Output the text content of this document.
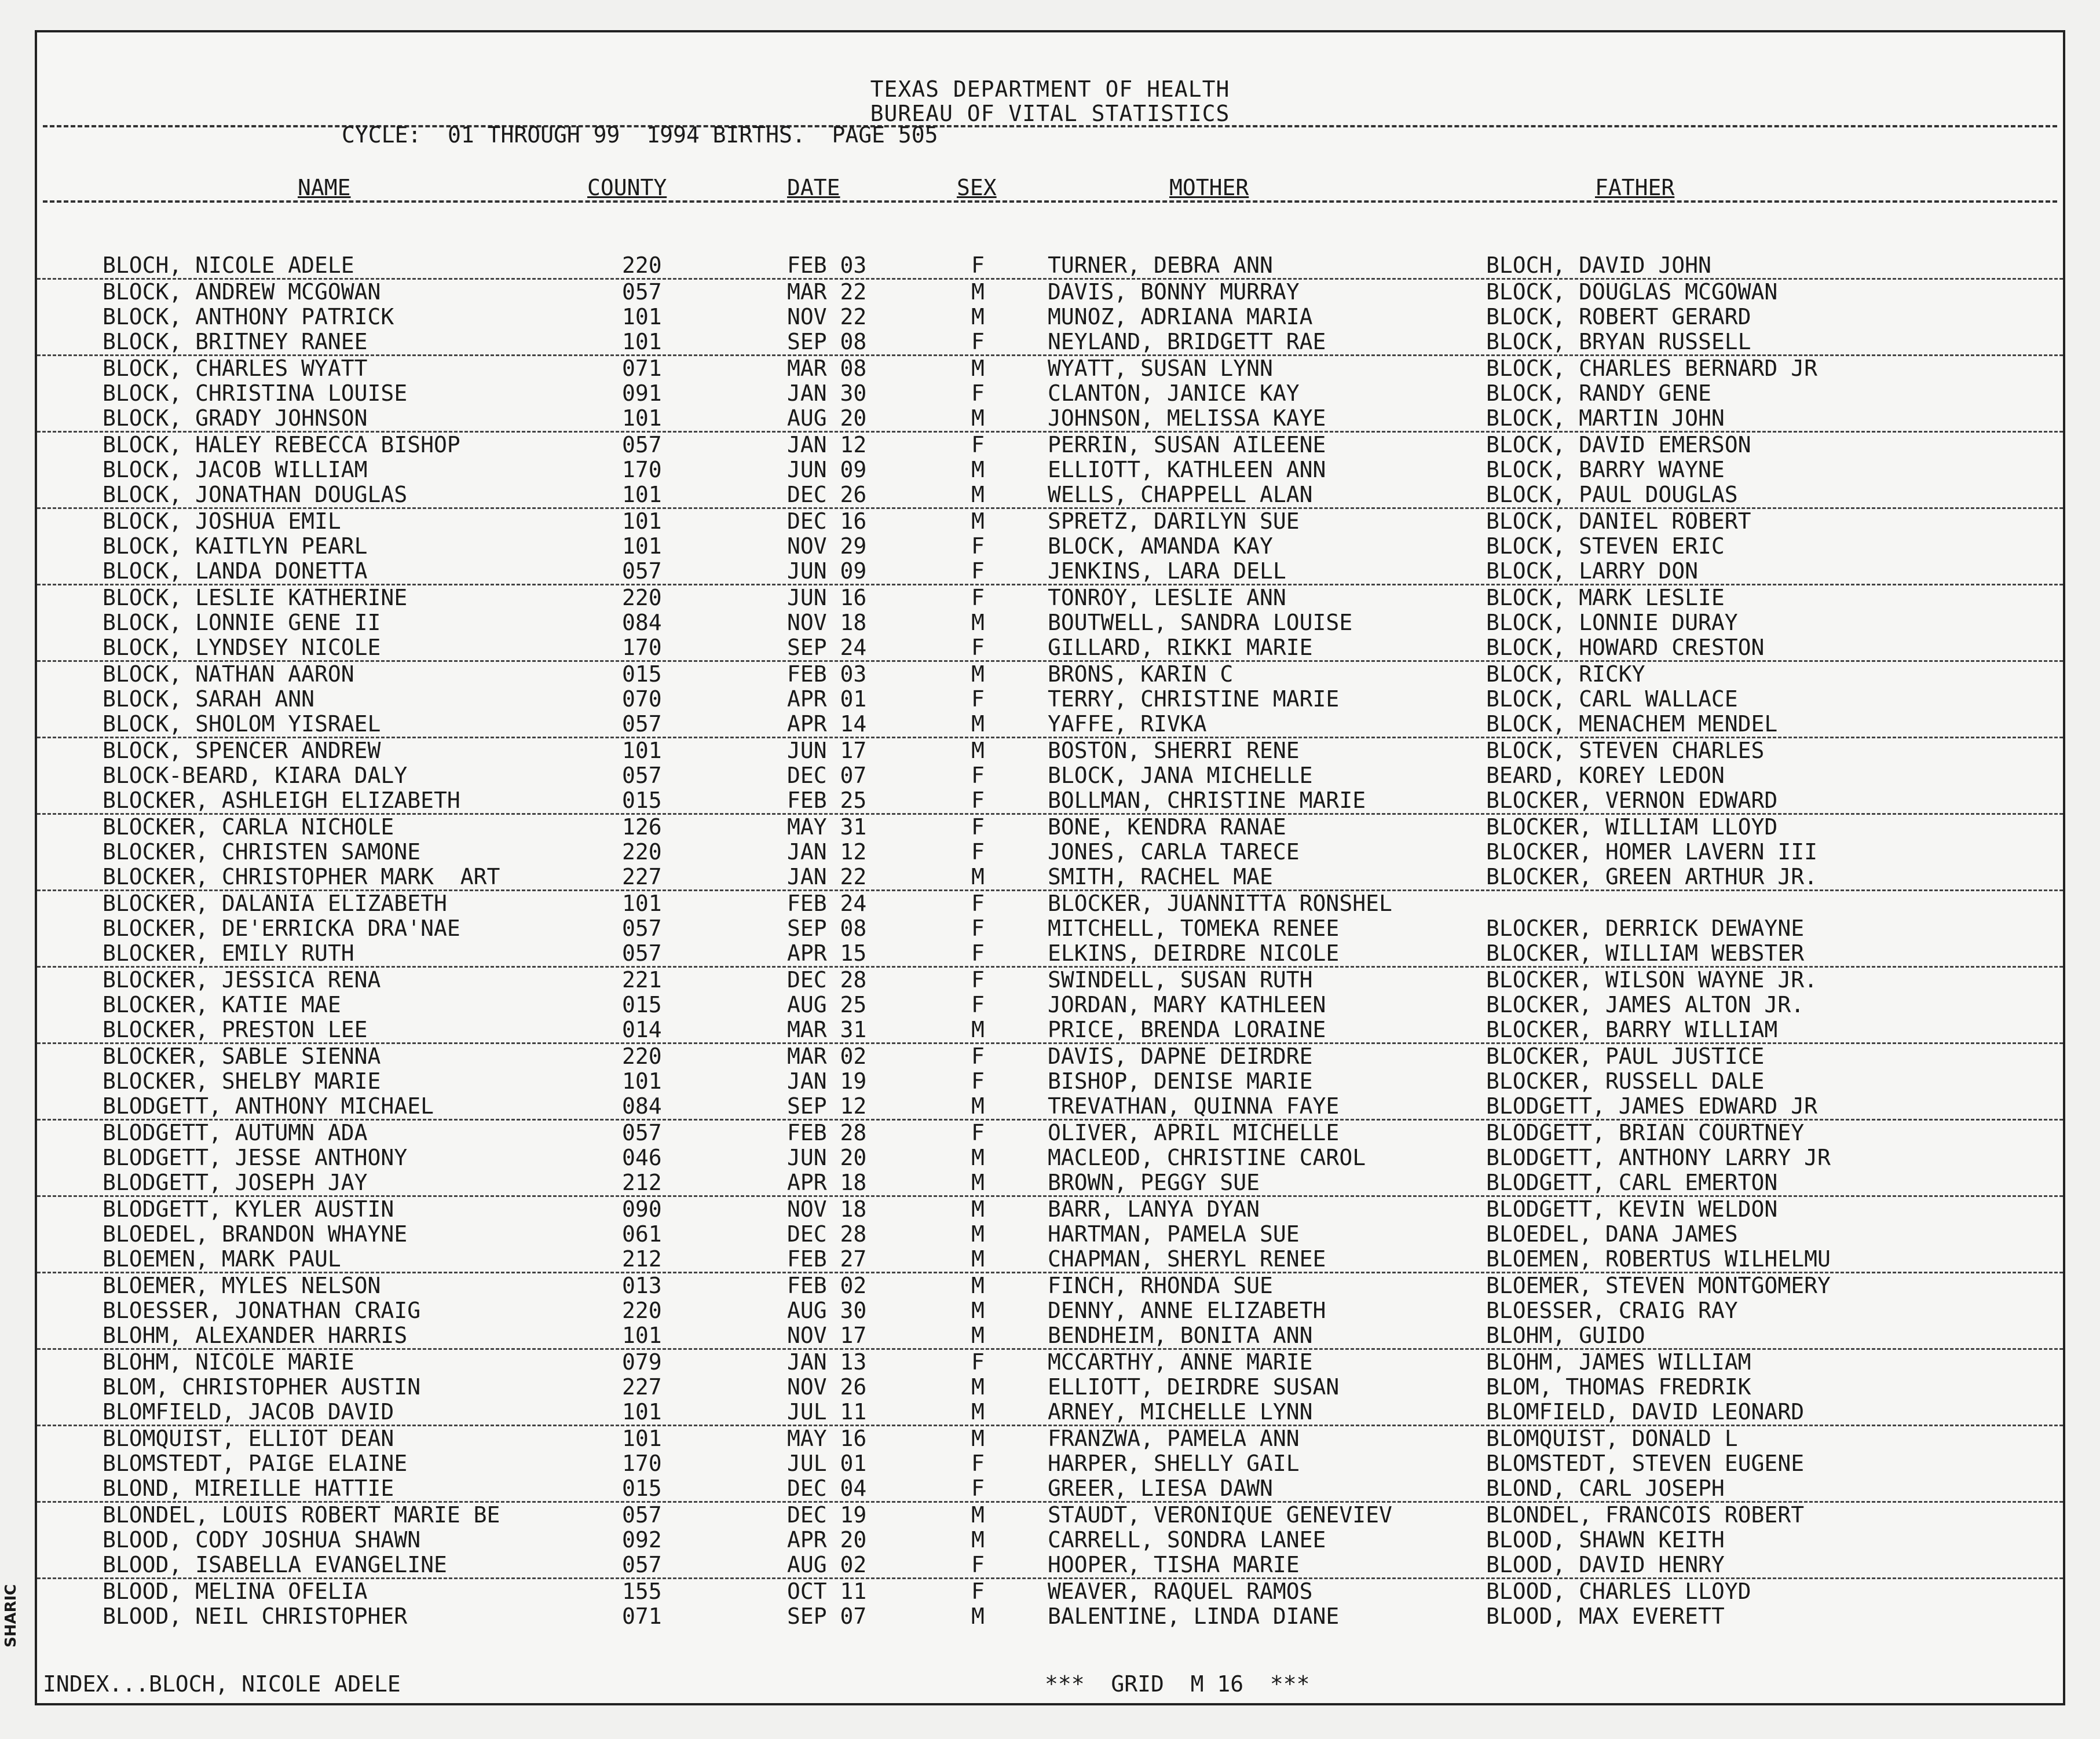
TEXAS DEPARTMENT OF HEALTH
BUREAU OF VITAL STATISTICS
CYCLE:  01 THROUGH 99  1994 BIRTHS.  PAGE 505
NAME	COUNTY	DATE	SEX	MOTHER	FATHER
BLOCH, NICOLE ADELE	220	FEB 03	F	TURNER, DEBRA ANN	BLOCH, DAVID JOHN
BLOCK, ANDREW MCGOWAN	057	MAR 22	M	DAVIS, BONNY MURRAY	BLOCK, DOUGLAS MCGOWAN
BLOCK, ANTHONY PATRICK	101	NOV 22	M	MUNOZ, ADRIANA MARIA	BLOCK, ROBERT GERARD
BLOCK, BRITNEY RANEE	101	SEP 08	F	NEYLAND, BRIDGETT RAE	BLOCK, BRYAN RUSSELL
BLOCK, CHARLES WYATT	071	MAR 08	M	WYATT, SUSAN LYNN	BLOCK, CHARLES BERNARD JR
BLOCK, CHRISTINA LOUISE	091	JAN 30	F	CLANTON, JANICE KAY	BLOCK, RANDY GENE
BLOCK, GRADY JOHNSON	101	AUG 20	M	JOHNSON, MELISSA KAYE	BLOCK, MARTIN JOHN
BLOCK, HALEY REBECCA BISHOP	057	JAN 12	F	PERRIN, SUSAN AILEENE	BLOCK, DAVID EMERSON
BLOCK, JACOB WILLIAM	170	JUN 09	M	ELLIOTT, KATHLEEN ANN	BLOCK, BARRY WAYNE
BLOCK, JONATHAN DOUGLAS	101	DEC 26	M	WELLS, CHAPPELL ALAN	BLOCK, PAUL DOUGLAS
BLOCK, JOSHUA EMIL	101	DEC 16	M	SPRETZ, DARILYN SUE	BLOCK, DANIEL ROBERT
BLOCK, KAITLYN PEARL	101	NOV 29	F	BLOCK, AMANDA KAY	BLOCK, STEVEN ERIC
BLOCK, LANDA DONETTA	057	JUN 09	F	JENKINS, LARA DELL	BLOCK, LARRY DON
BLOCK, LESLIE KATHERINE	220	JUN 16	F	TONROY, LESLIE ANN	BLOCK, MARK LESLIE
BLOCK, LONNIE GENE II	084	NOV 18	M	BOUTWELL, SANDRA LOUISE	BLOCK, LONNIE DURAY
BLOCK, LYNDSEY NICOLE	170	SEP 24	F	GILLARD, RIKKI MARIE	BLOCK, HOWARD CRESTON
BLOCK, NATHAN AARON	015	FEB 03	M	BRONS, KARIN C	BLOCK, RICKY
BLOCK, SARAH ANN	070	APR 01	F	TERRY, CHRISTINE MARIE	BLOCK, CARL WALLACE
BLOCK, SHOLOM YISRAEL	057	APR 14	M	YAFFE, RIVKA	BLOCK, MENACHEM MENDEL
BLOCK, SPENCER ANDREW	101	JUN 17	M	BOSTON, SHERRI RENE	BLOCK, STEVEN CHARLES
BLOCK-BEARD, KIARA DALY	057	DEC 07	F	BLOCK, JANA MICHELLE	BEARD, KOREY LEDON
BLOCKER, ASHLEIGH ELIZABETH	015	FEB 25	F	BOLLMAN, CHRISTINE MARIE	BLOCKER, VERNON EDWARD
BLOCKER, CARLA NICHOLE	126	MAY 31	F	BONE, KENDRA RANAE	BLOCKER, WILLIAM LLOYD
BLOCKER, CHRISTEN SAMONE	220	JAN 12	F	JONES, CARLA TARECE	BLOCKER, HOMER LAVERN III
BLOCKER, CHRISTOPHER MARK  ART	227	JAN 22	M	SMITH, RACHEL MAE	BLOCKER, GREEN ARTHUR JR.
BLOCKER, DALANIA ELIZABETH	101	FEB 24	F	BLOCKER, JUANNITTA RONSHEL
BLOCKER, DE'ERRICKA DRA'NAE	057	SEP 08	F	MITCHELL, TOMEKA RENEE	BLOCKER, DERRICK DEWAYNE
BLOCKER, EMILY RUTH	057	APR 15	F	ELKINS, DEIRDRE NICOLE	BLOCKER, WILLIAM WEBSTER
BLOCKER, JESSICA RENA	221	DEC 28	F	SWINDELL, SUSAN RUTH	BLOCKER, WILSON WAYNE JR.
BLOCKER, KATIE MAE	015	AUG 25	F	JORDAN, MARY KATHLEEN	BLOCKER, JAMES ALTON JR.
BLOCKER, PRESTON LEE	014	MAR 31	M	PRICE, BRENDA LORAINE	BLOCKER, BARRY WILLIAM
BLOCKER, SABLE SIENNA	220	MAR 02	F	DAVIS, DAPNE DEIRDRE	BLOCKER, PAUL JUSTICE
BLOCKER, SHELBY MARIE	101	JAN 19	F	BISHOP, DENISE MARIE	BLOCKER, RUSSELL DALE
BLODGETT, ANTHONY MICHAEL	084	SEP 12	M	TREVATHAN, QUINNA FAYE	BLODGETT, JAMES EDWARD JR
BLODGETT, AUTUMN ADA	057	FEB 28	F	OLIVER, APRIL MICHELLE	BLODGETT, BRIAN COURTNEY
BLODGETT, JESSE ANTHONY	046	JUN 20	M	MACLEOD, CHRISTINE CAROL	BLODGETT, ANTHONY LARRY JR
BLODGETT, JOSEPH JAY	212	APR 18	M	BROWN, PEGGY SUE	BLODGETT, CARL EMERTON
BLODGETT, KYLER AUSTIN	090	NOV 18	M	BARR, LANYA DYAN	BLODGETT, KEVIN WELDON
BLOEDEL, BRANDON WHAYNE	061	DEC 28	M	HARTMAN, PAMELA SUE	BLOEDEL, DANA JAMES
BLOEMEN, MARK PAUL	212	FEB 27	M	CHAPMAN, SHERYL RENEE	BLOEMEN, ROBERTUS WILHELMU
BLOEMER, MYLES NELSON	013	FEB 02	M	FINCH, RHONDA SUE	BLOEMER, STEVEN MONTGOMERY
BLOESSER, JONATHAN CRAIG	220	AUG 30	M	DENNY, ANNE ELIZABETH	BLOESSER, CRAIG RAY
BLOHM, ALEXANDER HARRIS	101	NOV 17	M	BENDHEIM, BONITA ANN	BLOHM, GUIDO
BLOHM, NICOLE MARIE	079	JAN 13	F	MCCARTHY, ANNE MARIE	BLOHM, JAMES WILLIAM
BLOM, CHRISTOPHER AUSTIN	227	NOV 26	M	ELLIOTT, DEIRDRE SUSAN	BLOM, THOMAS FREDRIK
BLOMFIELD, JACOB DAVID	101	JUL 11	M	ARNEY, MICHELLE LYNN	BLOMFIELD, DAVID LEONARD
BLOMQUIST, ELLIOT DEAN	101	MAY 16	M	FRANZWA, PAMELA ANN	BLOMQUIST, DONALD L
BLOMSTEDT, PAIGE ELAINE	170	JUL 01	F	HARPER, SHELLY GAIL	BLOMSTEDT, STEVEN EUGENE
BLOND, MIREILLE HATTIE	015	DEC 04	F	GREER, LIESA DAWN	BLOND, CARL JOSEPH
BLONDEL, LOUIS ROBERT MARIE BE	057	DEC 19	M	STAUDT, VERONIQUE GENEVIEV	BLONDEL, FRANCOIS ROBERT
BLOOD, CODY JOSHUA SHAWN	092	APR 20	M	CARRELL, SONDRA LANEE	BLOOD, SHAWN KEITH
BLOOD, ISABELLA EVANGELINE	057	AUG 02	F	HOOPER, TISHA MARIE	BLOOD, DAVID HENRY
BLOOD, MELINA OFELIA	155	OCT 11	F	WEAVER, RAQUEL RAMOS	BLOOD, CHARLES LLOYD
BLOOD, NEIL CHRISTOPHER	071	SEP 07	M	BALENTINE, LINDA DIANE	BLOOD, MAX EVERETT
INDEX...BLOCH, NICOLE ADELE	***  GRID  M 16  ***
SHARIC
